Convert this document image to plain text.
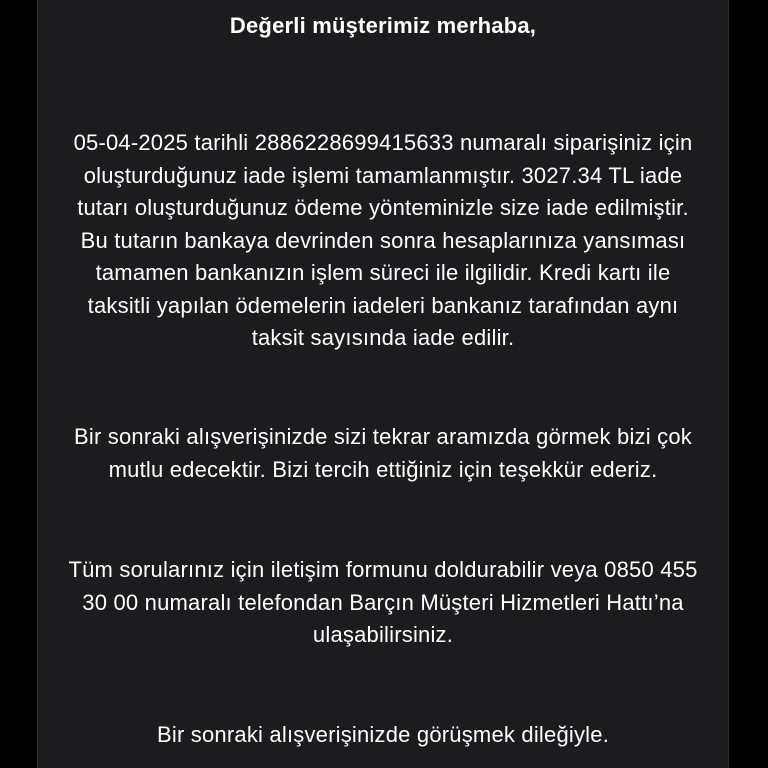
Değerli müşterimiz merhaba,

05-04-2025 tarihli 2886228699415633 numaralı siparişiniz için oluşturduğunuz iade işlemi tamamlanmıştır. 3027.34 TL iade tutarı oluşturduğunuz ödeme yönteminizle size iade edilmiştir. Bu tutarın bankaya devrinden sonra hesaplarınıza yansıması tamamen bankanızın işlem süreci ile ilgilidir. Kredi kartı ile taksitli yapılan ödemelerin iadeleri bankanız tarafından aynı taksit sayısında iade edilir.

Bir sonraki alışverişinizde sizi tekrar aramızda görmek bizi çok mutlu edecektir. Bizi tercih ettiğiniz için teşekkür ederiz.

Tüm sorularınız için iletişim formunu doldurabilir veya 0850 455 30 00 numaralı telefondan Barçın Müşteri Hizmetleri Hattı’na ulaşabilirsiniz.

Bir sonraki alışverişinizde görüşmek dileğiyle.
